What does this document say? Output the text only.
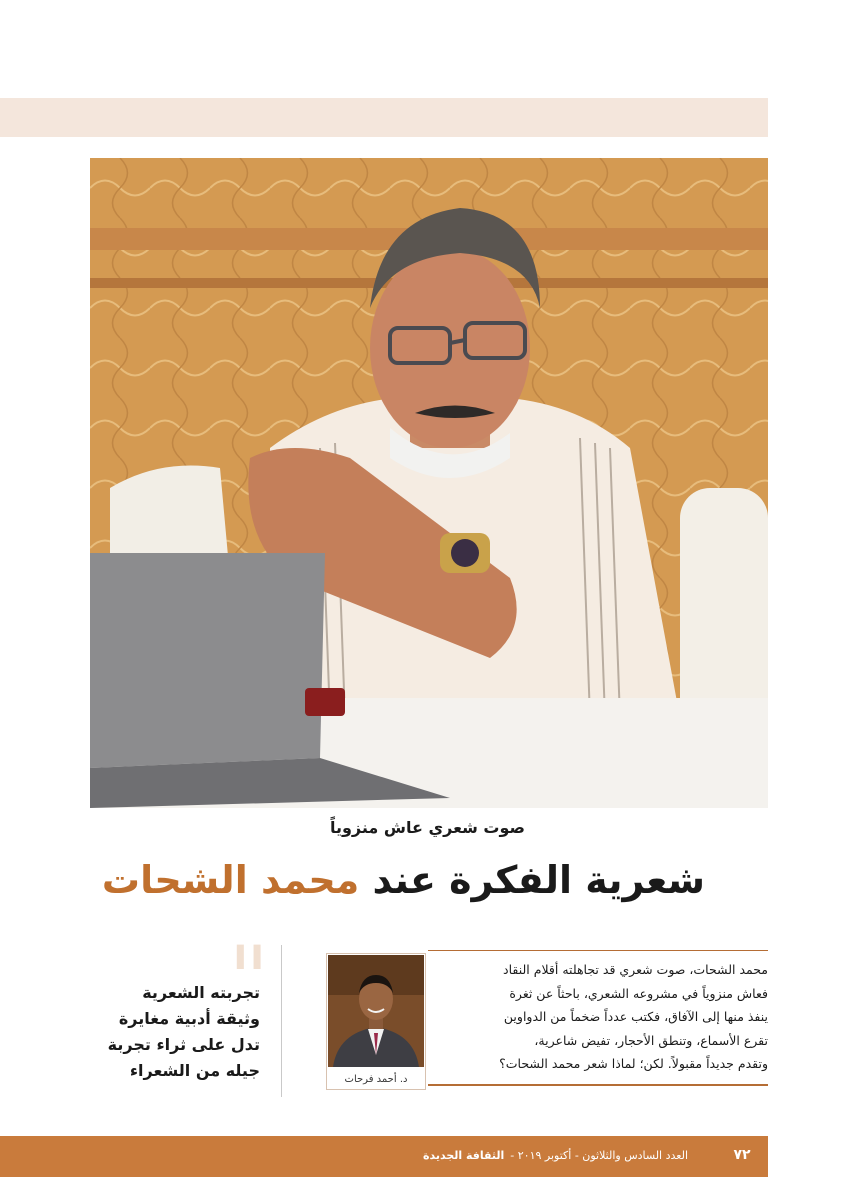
صوت شعري عاش منزوياً
شعرية الفكرة عند محمد الشحات
"
تجربته الشعرية
وثيقة أدبية مغايرة
تدل على ثراء تجربة
جيله من الشعراء	د. أحمد فرحات
محمد الشحات، صوت شعري قد تجاهلته أقلام النقاد
فعاش منزوياً في مشروعه الشعري، باحثاً عن ثغرة
ينفذ منها إلى الآفاق، فكتب عدداً ضخماً من الدواوين
تقرع الأسماع، وتنطق الأحجار، تفيض شاعرية،
وتقدم جديداً مقبولاً. لكن؛ لماذا شعر محمد الشحات؟
العدد السادس والثلاثون - أكتوبر ٢٠١٩ -الثقافة الجديدة	٧٢
